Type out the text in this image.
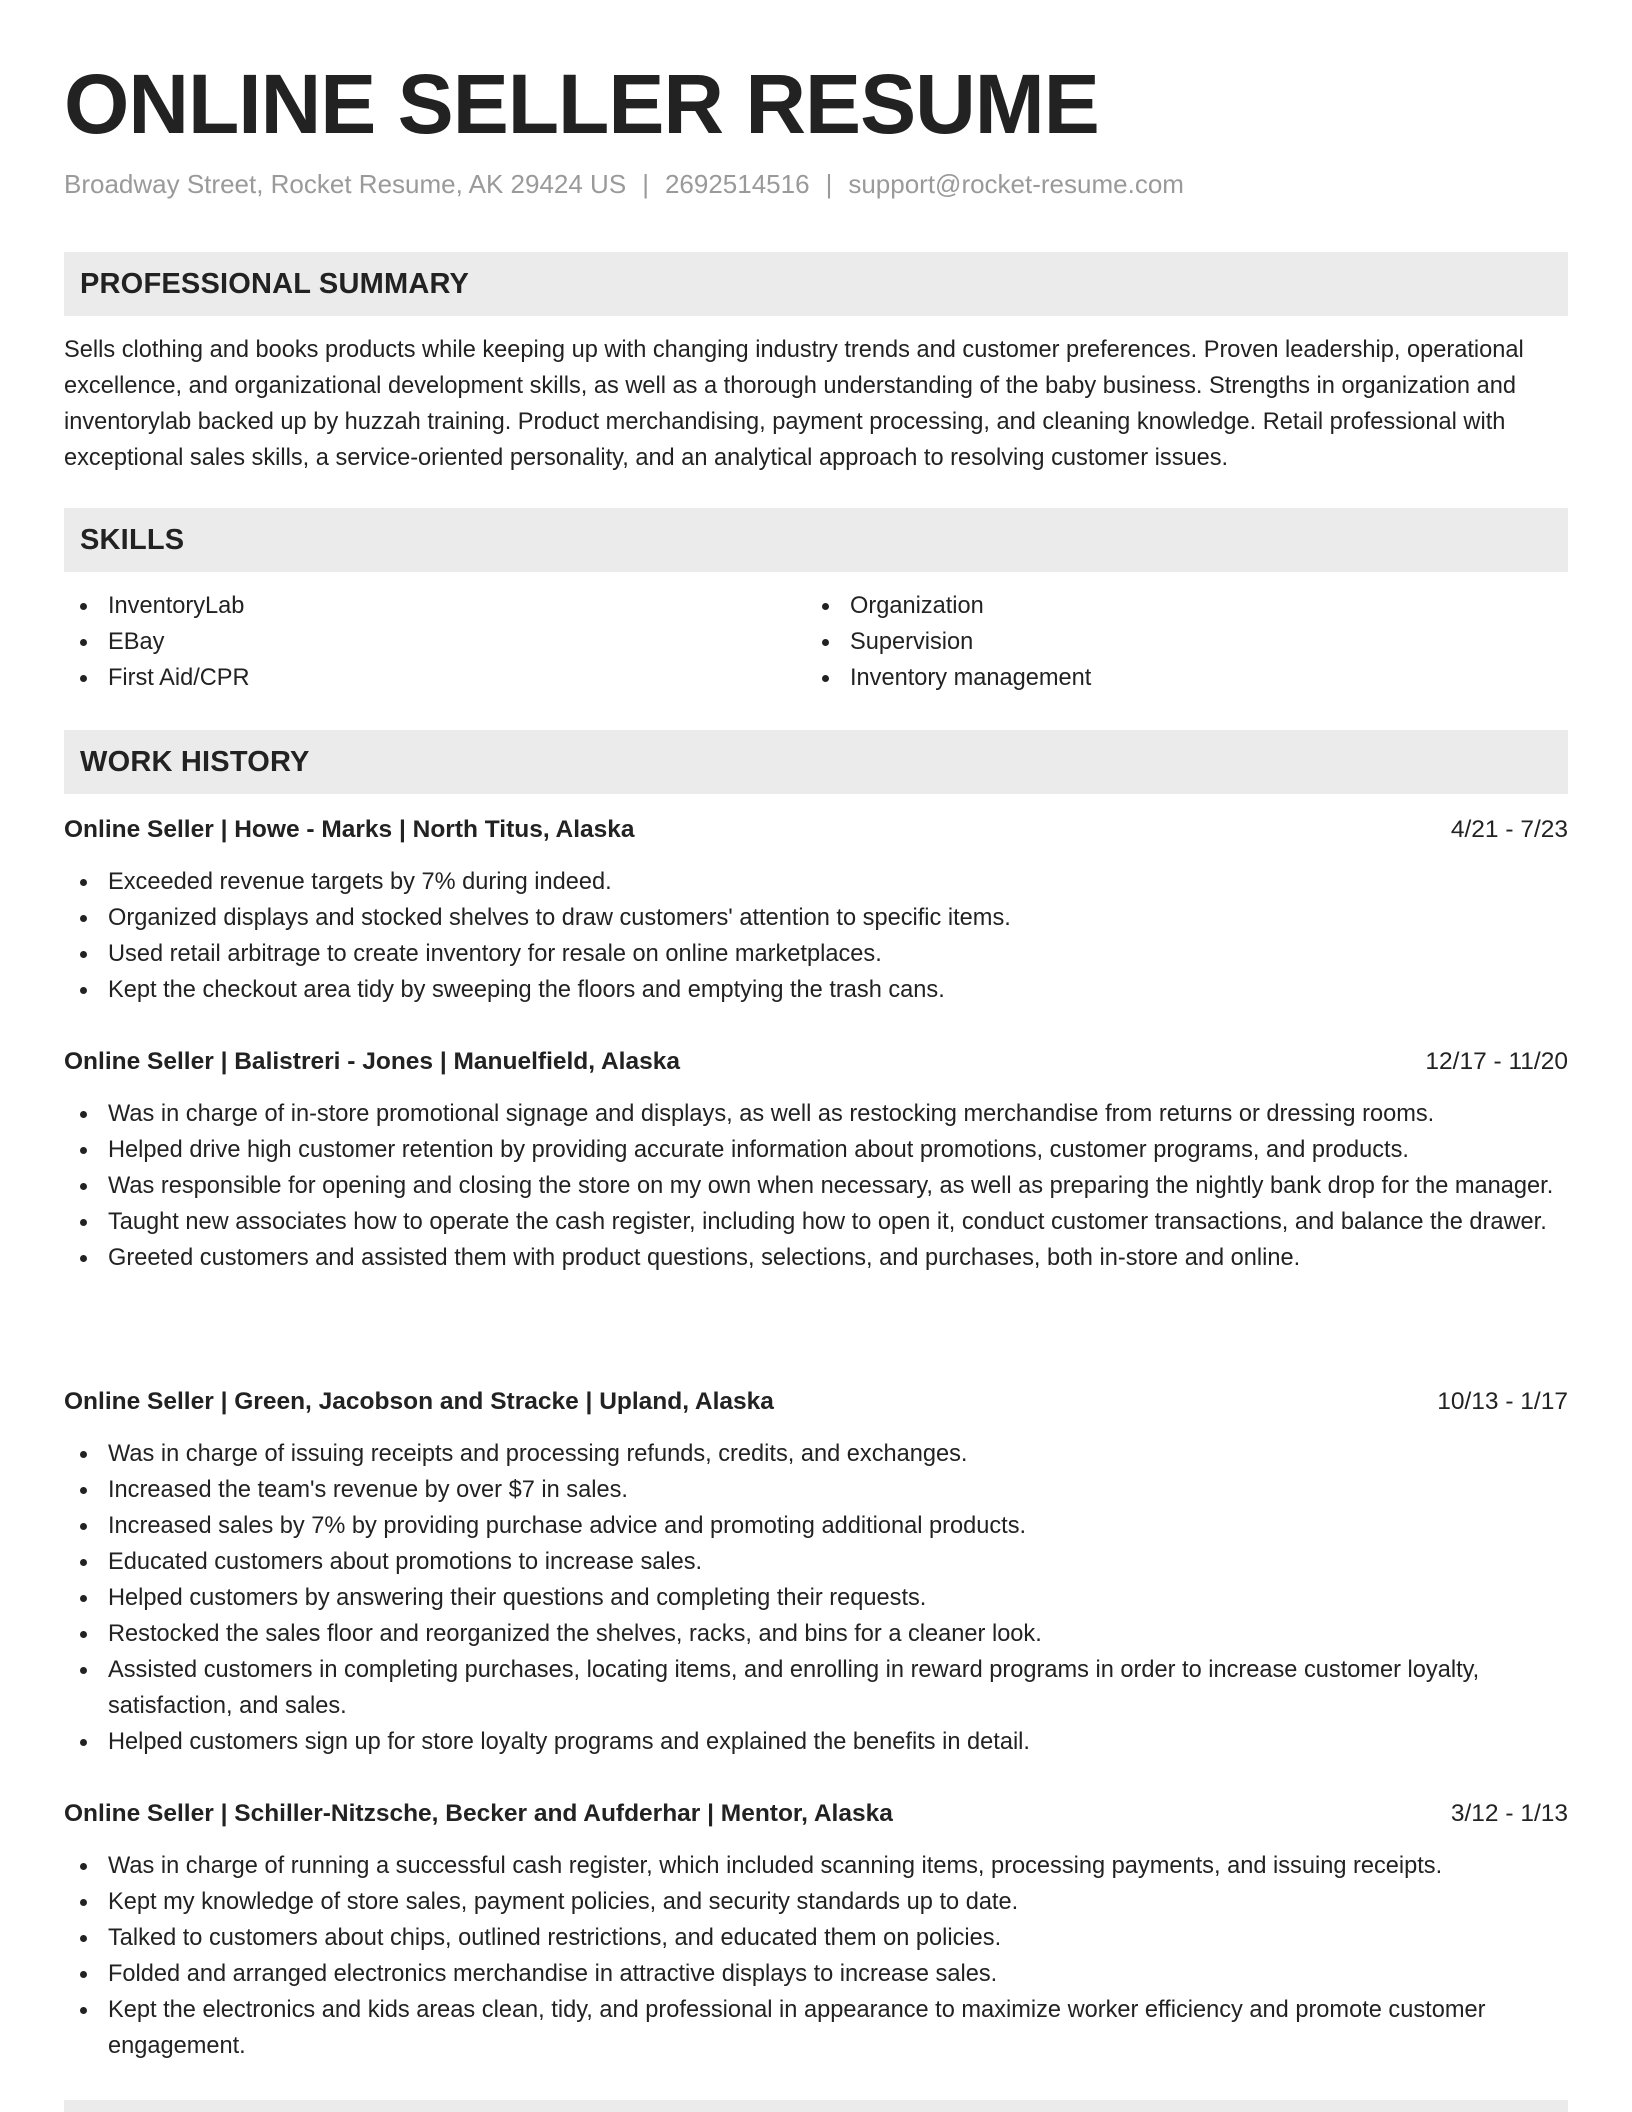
ONLINE SELLER RESUME
Broadway Street, Rocket Resume, AK 29424 US | 2692514516 | support@rocket-resume.com
PROFESSIONAL SUMMARY

Sells clothing and books products while keeping up with changing industry trends and customer preferences. Proven leadership, operational excellence, and organizational development skills, as well as a thorough understanding of the baby business. Strengths in organization and inventorylab backed up by huzzah training. Product merchandising, payment processing, and cleaning knowledge. Retail professional with exceptional sales skills, a service-oriented personality, and an analytical approach to resolving customer issues.

SKILLS
InventoryLab
EBay
First Aid/CPR
Organization
Supervision
Inventory management
WORK HISTORY
Online Seller | Howe - Marks | North Titus, Alaska	4/21 - 7/23
Exceeded revenue targets by 7% during indeed.
Organized displays and stocked shelves to draw customers' attention to specific items.
Used retail arbitrage to create inventory for resale on online marketplaces.
Kept the checkout area tidy by sweeping the floors and emptying the trash cans.
Online Seller | Balistreri - Jones | Manuelfield, Alaska	12/17 - 11/20
Was in charge of in-store promotional signage and displays, as well as restocking merchandise from returns or dressing rooms.
Helped drive high customer retention by providing accurate information about promotions, customer programs, and products.
Was responsible for opening and closing the store on my own when necessary, as well as preparing the nightly bank drop for the manager.
Taught new associates how to operate the cash register, including how to open it, conduct customer transactions, and balance the drawer.
Greeted customers and assisted them with product questions, selections, and purchases, both in-store and online.
Online Seller | Green, Jacobson and Stracke | Upland, Alaska	10/13 - 1/17
Was in charge of issuing receipts and processing refunds, credits, and exchanges.
Increased the team's revenue by over $7 in sales.
Increased sales by 7% by providing purchase advice and promoting additional products.
Educated customers about promotions to increase sales.
Helped customers by answering their questions and completing their requests.
Restocked the sales floor and reorganized the shelves, racks, and bins for a cleaner look.
Assisted customers in completing purchases, locating items, and enrolling in reward programs in order to increase customer loyalty, satisfaction, and sales.
Helped customers sign up for store loyalty programs and explained the benefits in detail.
Online Seller | Schiller-Nitzsche, Becker and Aufderhar | Mentor, Alaska	3/12 - 1/13
Was in charge of running a successful cash register, which included scanning items, processing payments, and issuing receipts.
Kept my knowledge of store sales, payment policies, and security standards up to date.
Talked to customers about chips, outlined restrictions, and educated them on policies.
Folded and arranged electronics merchandise in attractive displays to increase sales.
Kept the electronics and kids areas clean, tidy, and professional in appearance to maximize worker efficiency and promote customer engagement.
